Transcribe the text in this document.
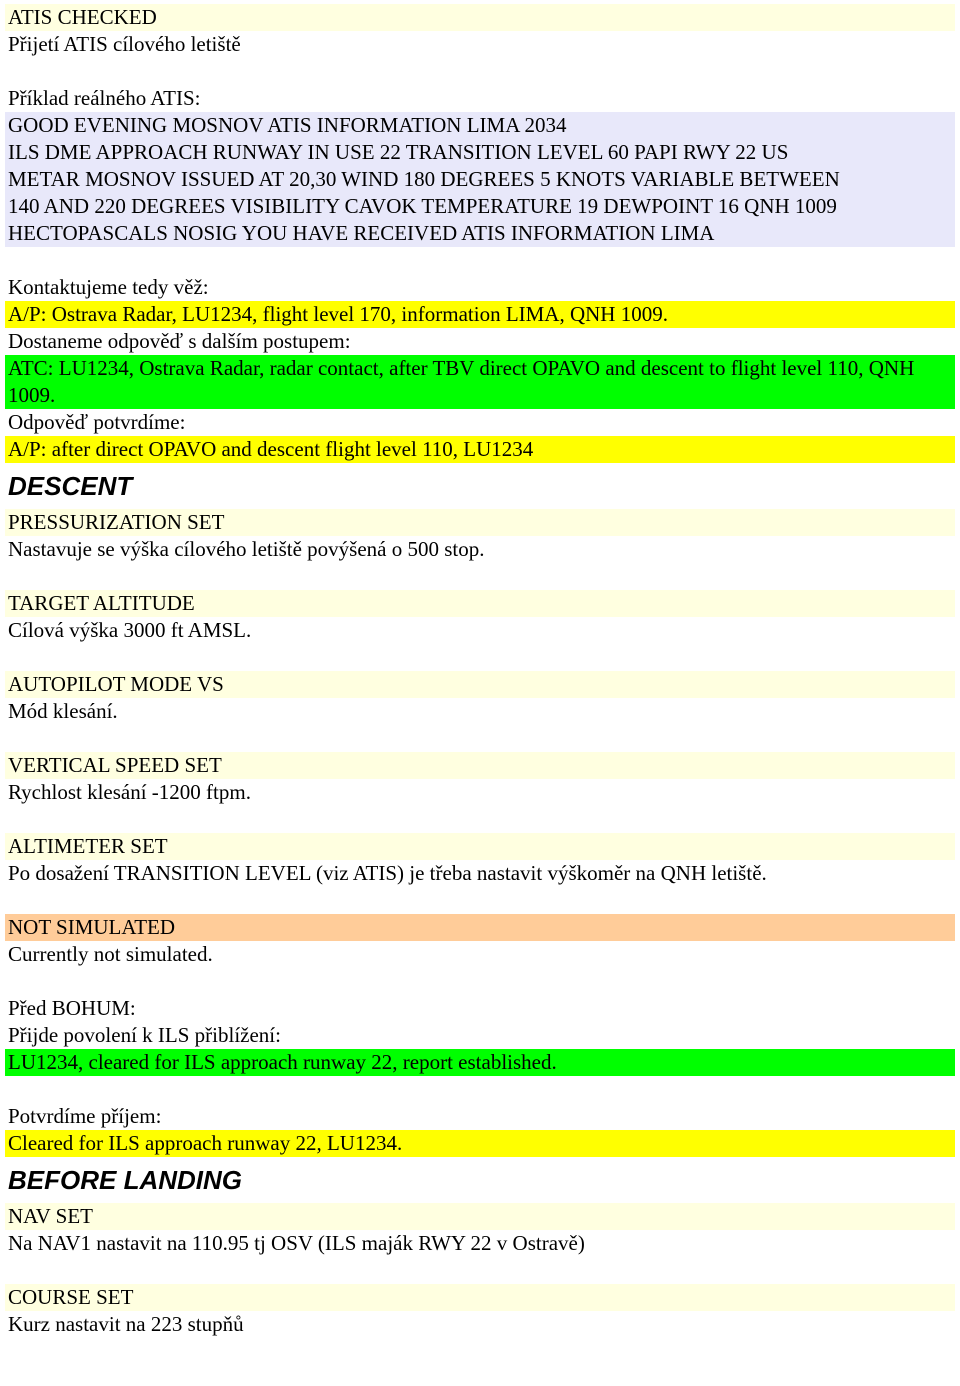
ATIS CHECKED
Přijetí ATIS cílového letiště
Příklad reálného ATIS:
GOOD EVENING MOSNOV ATIS INFORMATION LIMA 2034
ILS DME APPROACH RUNWAY IN USE 22 TRANSITION LEVEL 60 PAPI RWY 22 US
METAR MOSNOV ISSUED AT 20,30 WIND 180 DEGREES 5 KNOTS VARIABLE BETWEEN
140 AND 220 DEGREES VISIBILITY CAVOK TEMPERATURE 19 DEWPOINT 16 QNH 1009
HECTOPASCALS NOSIG YOU HAVE RECEIVED ATIS INFORMATION LIMA
Kontaktujeme tedy věž:
A/P: Ostrava Radar, LU1234, flight level 170, information LIMA, QNH 1009.
Dostaneme odpověď s dalším postupem:
ATC: LU1234, Ostrava Radar, radar contact, after TBV direct OPAVO and descent to flight level 110, QNH 1009.
Odpověď potvrdíme:
A/P: after direct OPAVO and descent flight level 110, LU1234
DESCENT
PRESSURIZATION SET
Nastavuje se výška cílového letiště povýšená o 500 stop.
TARGET ALTITUDE
Cílová výška 3000 ft AMSL.
AUTOPILOT MODE VS
Mód klesání.
VERTICAL SPEED SET
Rychlost klesání -1200 ftpm.
ALTIMETER SET
Po dosažení TRANSITION LEVEL (viz ATIS) je třeba nastavit výškoměr na QNH letiště.
NOT SIMULATED
Currently not simulated.
Před BOHUM:
Přijde povolení k ILS přiblížení:
LU1234, cleared for ILS approach runway 22, report established.
Potvrdíme příjem:
Cleared for ILS approach runway 22, LU1234.
BEFORE LANDING
NAV SET
Na NAV1 nastavit na 110.95 tj OSV (ILS maják RWY 22 v Ostravě)
COURSE SET
Kurz nastavit na 223 stupňů
